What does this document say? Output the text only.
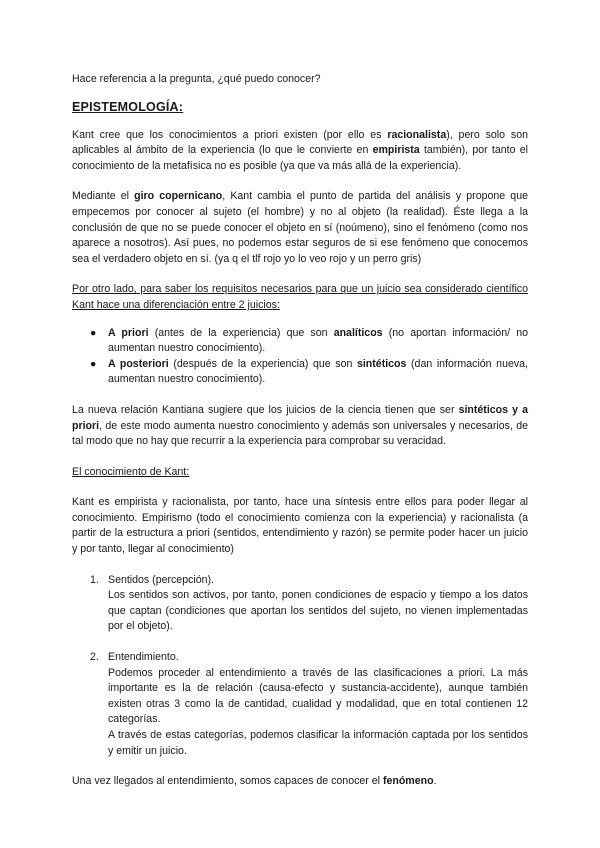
Hace referencia a la pregunta, ¿qué puedo conocer?

EPISTEMOLOGÍA:

Kant cree que los conocimientos a priori existen (por ello es racionalista), pero solo son aplicables al ámbito de la experiencia (lo que le convierte en empirista también), por tanto el conocimiento de la metafísica no es posible (ya que va más allá de la experiencia).

Mediante el giro copernicano, Kant cambia el punto de partida del análisis y propone que empecemos por conocer al sujeto (el hombre) y no al objeto (la realidad). Éste llega a la conclusión de que no se puede conocer el objeto en sí (noúmeno), sino el fenómeno (como nos aparece a nosotros). Así pues, no podemos estar seguros de si ese fenómeno que conocemos sea el verdadero objeto en sí. (ya q el tlf rojo yo lo veo rojo y un perro gris)

Por otro lado, para saber los requisitos necesarios para que un juicio sea considerado científico Kant hace una diferenciación entre 2 juicios:

● A priori (antes de la experiencia) que son analíticos (no aportan información/ no aumentan nuestro conocimiento).
● A posteriori (después de la experiencia) que son sintéticos (dan información nueva, aumentan nuestro conocimiento).

La nueva relación Kantiana sugiere que los juicios de la ciencia tienen que ser sintéticos y a priori, de este modo aumenta nuestro conocimiento y además son universales y necesarios, de tal modo que no hay que recurrir a la experiencia para comprobar su veracidad.

El conocimiento de Kant:

Kant es empirista y racionalista, por tanto, hace una síntesis entre ellos para poder llegar al conocimiento. Empirismo (todo el conocimiento comienza con la experiencia) y racionalista (a partir de la estructura a priori (sentidos, entendimiento y razón) se permite poder hacer un juicio y por tanto, llegar al conocimiento)

1. Sentidos (percepción).
Los sentidos son activos, por tanto, ponen condiciones de espacio y tiempo a los datos que captan (condiciones que aportan los sentidos del sujeto, no vienen implementadas por el objeto).
2. Entendimiento.
Podemos proceder al entendimiento a través de las clasificaciones a priori. La más importante es la de relación (causa-efecto y sustancia-accidente), aunque también existen otras 3 como la de cantidad, cualidad y modalidad, que en total contienen 12 categorías.
A través de estas categorías, podemos clasificar la información captada por los sentidos y emitir un juicio.

Una vez llegados al entendimiento, somos capaces de conocer el fenómeno.
